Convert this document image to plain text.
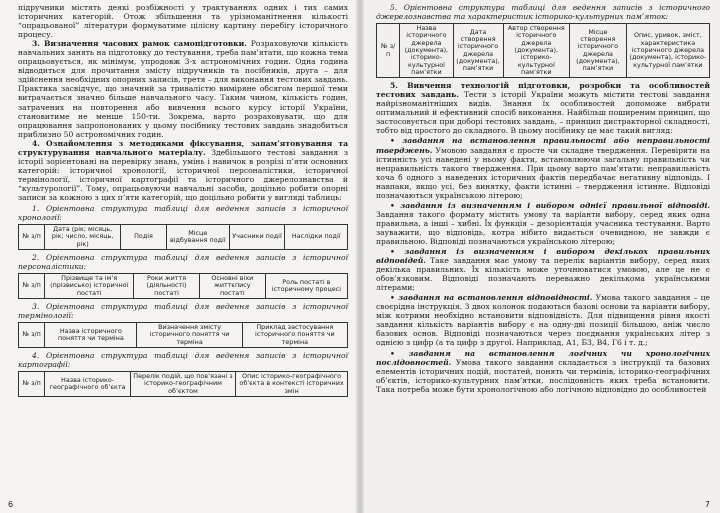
підручники містять деякі розбіжності у трактуваннях одних і тих самих історичних категорій. Отож збільшення та урізноманітнення кількості “опрацьованої” літератури формуватиме цілісну картину перебігу історичного процесу.

3. Визначення часових рамок самопідготовки. Розраховуючи кількість навчальних занять на підготовку до тестування, треба пам’ятати, що кожна тема опрацьовується, як мінімум, упродовж 3-х астрономічних годин. Одна година відводиться для прочитання змісту підручників та посібників, друга – для здійснення необхідних опорних записів, третя – для виконання тестових завдань. Практика засвідчує, що значний за тривалістю виміряне обсягом першої теми витрачається значно більше навчального часу. Таким чином, кількість годин, затрачених на повторення або вивчення всього курсу історії України, становитиме не менше 150-ти. Зокрема, варто розраховувати, що для опрацювання запропонованих у цьому посібнику тестових завдань знадобиться приблизно 50 астрономічних годин.

4. Ознайомлення з методиками фіксування, запам’ятовування та структурування навчального матеріалу. Здебільшого тестові завдання з історії зорієнтовані на перевірку знань, умінь і навичок в розрізі п’яти основних категорій: історичної хронології, історичної персоналістики, історичної термінології, історичної картографії та історичного джерелознавства й “культурології”. Тому, опрацьовуючи навчальні засоби, доцільно робити опорні записи за кожною з цих п’яти категорій, що доцільно робити у вигляді таблиць:

1. Орієнтовна структура таблиці для ведення записів з історичної хронології:

№ з/п	Дата (рік; місяць, рік; число, місяць, рік)	Подія	Місце відбування події	Учасники події	Наслідки події

2. Орієнтовна структура таблиці для ведення записів з історичної персоналістики:

№ з/п	Прізвище та ім’я (прізвисько) історичної постаті	Роки життя (діяльності) постаті	Основні віхи життєпису постаті	Роль постаті в історичному процесі

3. Орієнтовна структура таблиці для ведення записів з історичної термінології:

№ з/п	Назва історичного поняття чи терміна	Визначення змісту історичного поняття чи терміна	Приклад застосування історичного поняття чи терміна

4. Орієнтовна структура таблиці для ведення записів з історичної картографії:

№ з/п	Назва історико-географічного об’єкта	Перелік подій, що пов’язані з історико-географічним об’єктом	Опис історико-географічного об’єкта в контексті історичних змін
6

5. Орієнтовна структура таблиці для ведення записів з історичного джерелознавства та характеристик історико-культурних пам’яток:

№ з/п	Назва історичного джерела (документа), історико-культурної пам’ятки	Дата створення історичного джерела (документа), пам’ятки	Автор створення історичного джерела (документа), історико-культурної пам’ятки	Місце створення історичного джерела (документа), пам’ятки	Опис, уривок, зміст, характеристика історичного джерела (документа), історико-культурної пам’ятки

5. Вивчення технологій підготовки, розробки та особливостей тестових завдань. Тести з історії України можуть містити тестові завдання найрізноманітніших видів. Знання їх особливостей допоможе вибрати оптимальний й ефективний спосіб виконання. Найбільш поширеним принцип, що застосовується при доборі тестових завдань, – принцип дистракторної складності, тобто від простого до складного. В цьому посібнику це має такий вигляд:

• завдання на встановлення правильності або неправильності тверджень. Умовою завдання є просте чи складне твердження. Перевірити на істинність усі наведені у ньому факти, встановлюючи загальну правильність чи неправильність такого твердження. При цьому варто пам’ятати: неправильність хоча б одного з наведених історичних фактів передбачає негативну відповідь. І навпаки, якщо усі, без винятку, факти істинні – твердження істинне. Відповіді позначаються українською літерою;

• завдання із визначенням і вибором однієї правильної відповіді. Завдання такого формату містить умову та варіанти вибору, серед яких одна правильна, а інші – хибні. Їх функція – дезорієнтація учасника тестування. Варто зауважити, що відповідь, котра нібито видається очевидною, не завжди є правильною. Відповіді позначаються українською літерою;

• завдання із визначенням і вибором декількох правильних відповідей. Таке завдання має умову та перелік варіантів вибору, серед яких декілька правильних. Їх кількість може уточнюватися умовою, але це не є обов’язковим. Відповіді позначають переважно декількома українськими літерами;

• завдання на встановлення відповідності. Умова такого завдання – це своєрідна інструкція. З двох колонок подаються базові основи та варіанти вибору, між котрими необхідно встановити відповідність. Для підвищення рівня якості завдання кількість варіантів вибору є на одну-дві позиції більшою, аніж число базових основ. Відповіді позначаються через поєднання українських літер з однією з цифр (а та цифр з другої. Наприклад, А1, Б3, В4, Г6 і т. д.;

• завдання на встановлення логічних чи хронологічних послідовностей. Умова такого завдання складається з інструкції та базових елементів історичних подій, постатей, понять чи термінів, історико-географічних об’єктів, історико-культурних пам’ятки, послідовність яких треба встановити. Така потреба може бути хронологічною або логічною відповідно до особливостей

7
